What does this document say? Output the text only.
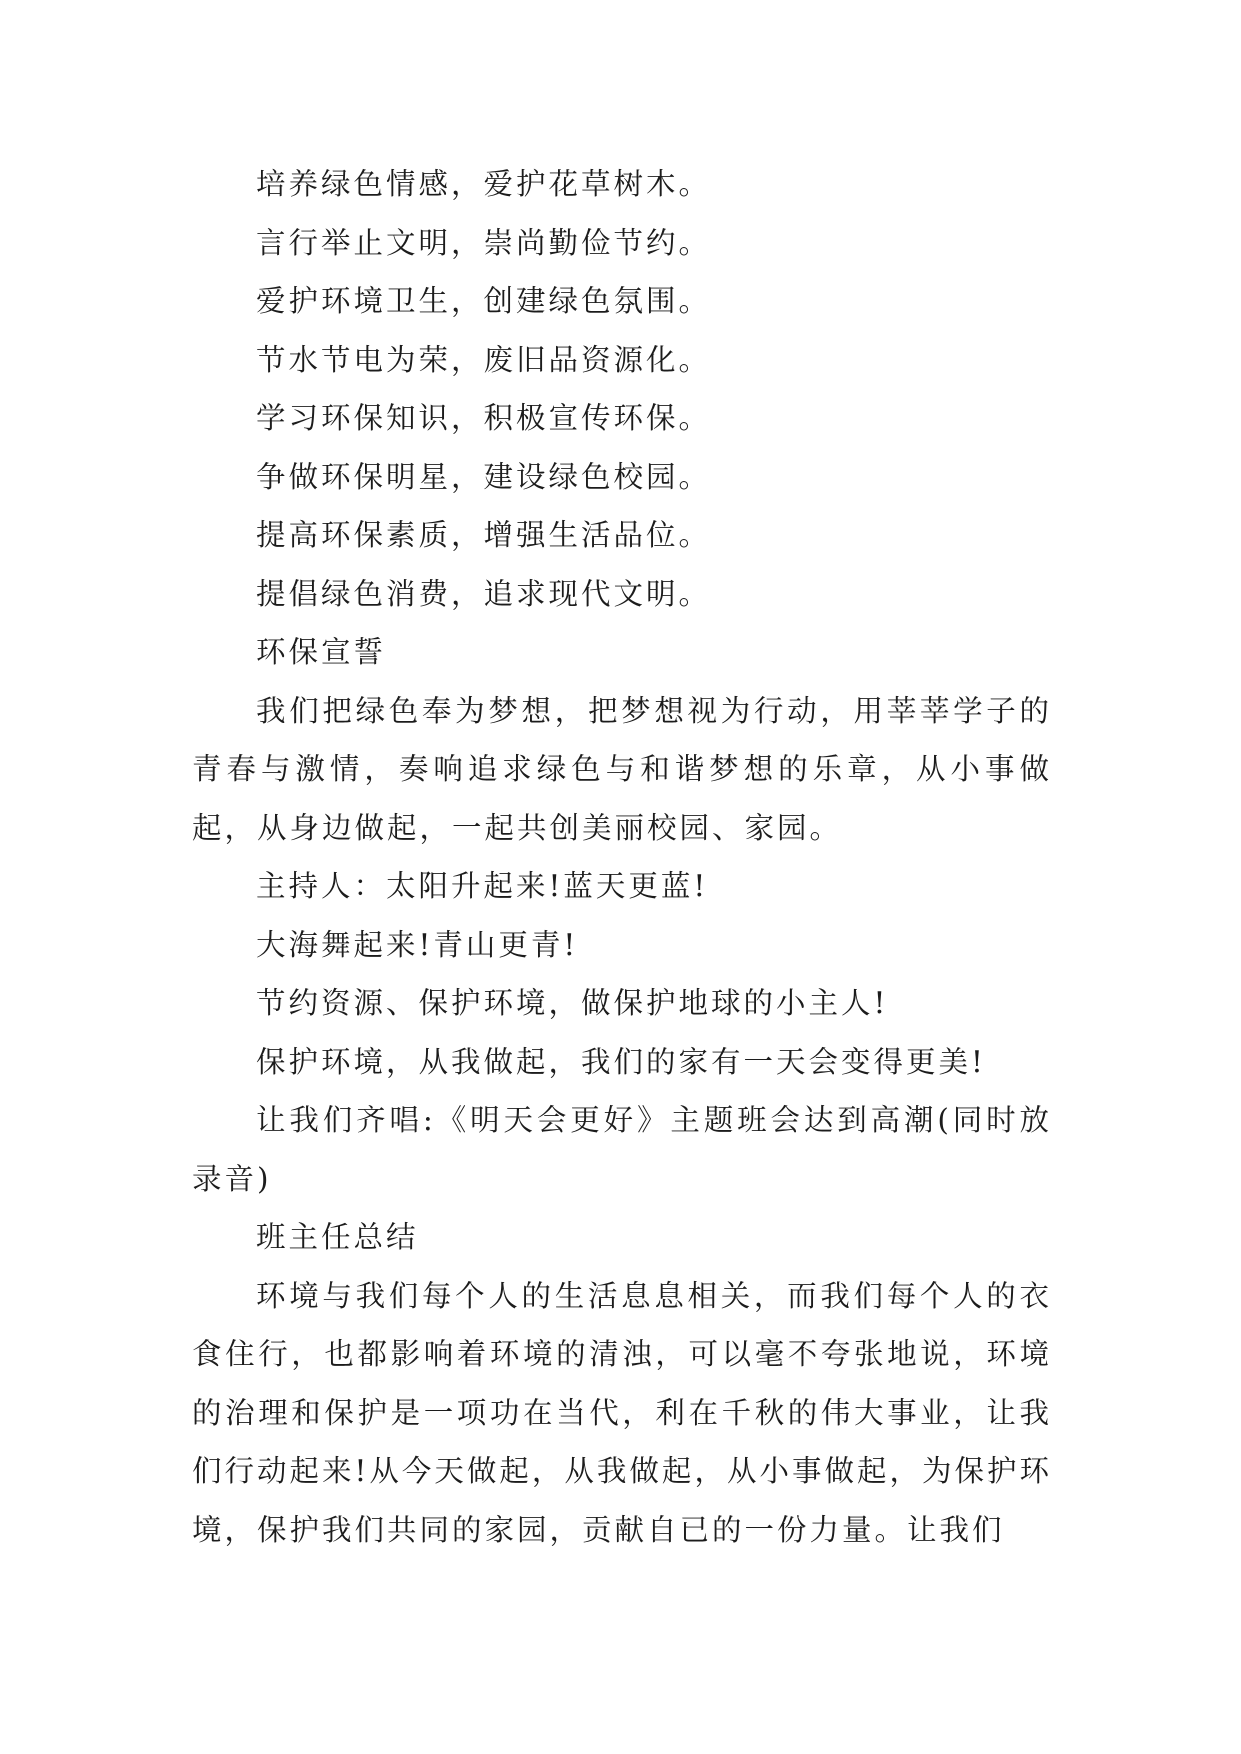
培养绿色情感，爱护花草树木。

言行举止文明，崇尚勤俭节约。

爱护环境卫生，创建绿色氛围。

节水节电为荣，废旧品资源化。

学习环保知识，积极宣传环保。

争做环保明星，建设绿色校园。

提高环保素质，增强生活品位。

提倡绿色消费，追求现代文明。

环保宣誓

我们把绿色奉为梦想，把梦想视为行动，用莘莘学子的青春与激情，奏响追求绿色与和谐梦想的乐章，从小事做起，从身边做起，一起共创美丽校园、家园。

主持人：太阳升起来!蓝天更蓝!

大海舞起来!青山更青!

节约资源、保护环境，做保护地球的小主人!

保护环境，从我做起，我们的家有一天会变得更美!

让我们齐唱:《明天会更好》主题班会达到高潮(同时放录音)

班主任总结

环境与我们每个人的生活息息相关，而我们每个人的衣食住行，也都影响着环境的清浊，可以毫不夸张地说，环境的治理和保护是一项功在当代，利在千秋的伟大事业，让我们行动起来!从今天做起，从我做起，从小事做起，为保护环境，保护我们共同的家园，贡献自已的一份力量。让我们
